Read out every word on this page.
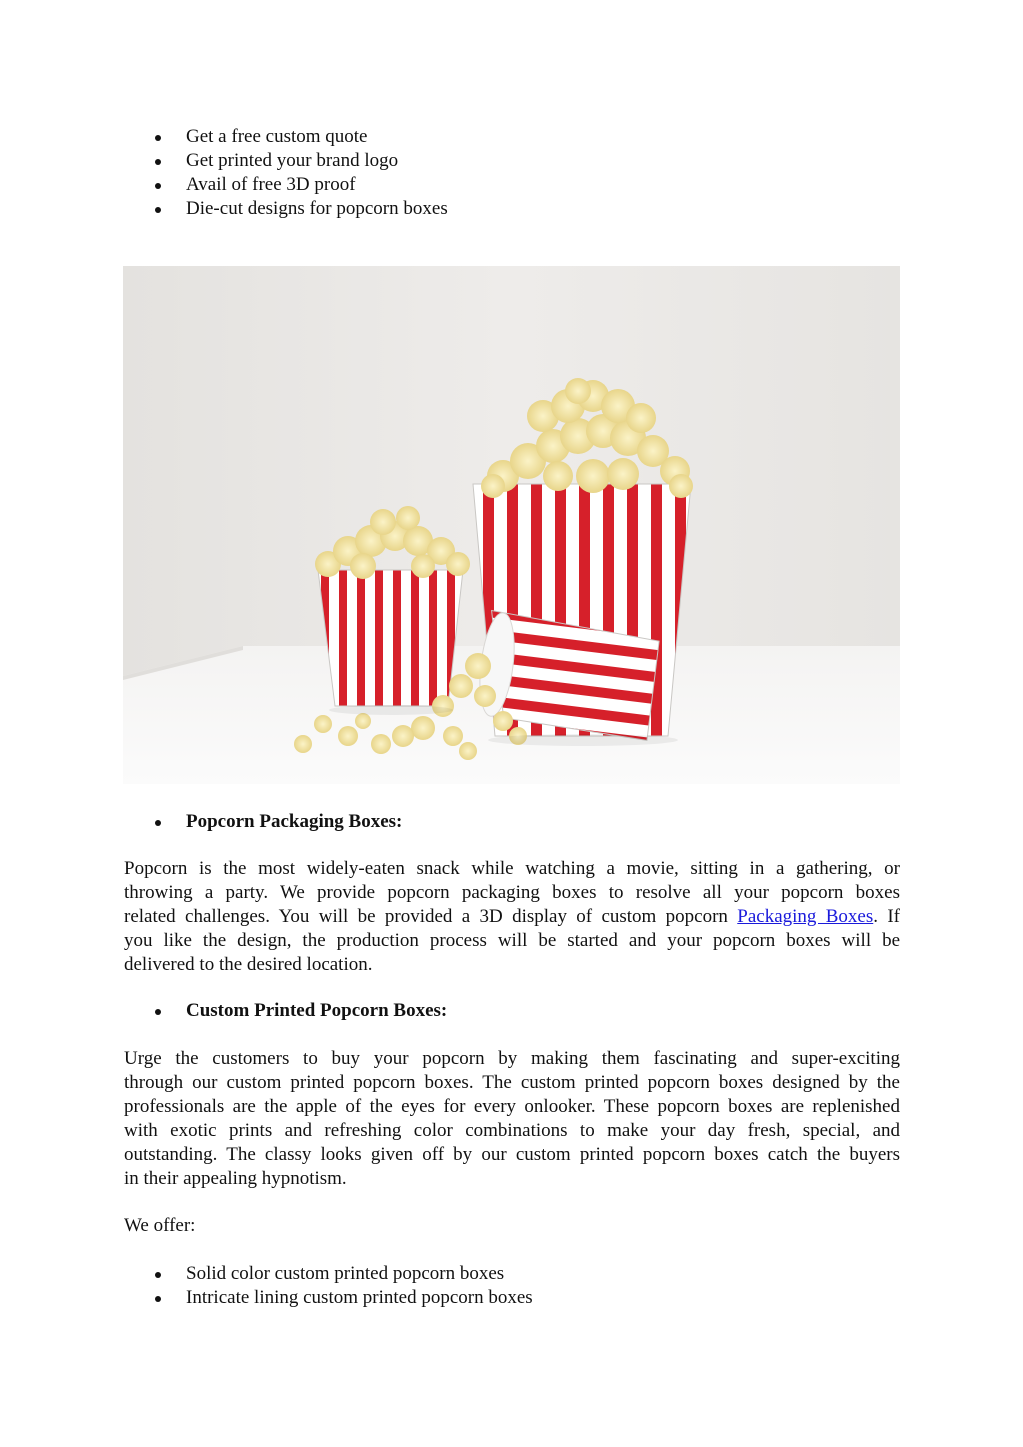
Get a free custom quote
Get printed your brand logo
Avail of free 3D proof
Die-cut designs for popcorn boxes
Popcorn Packaging Boxes:
Popcorn is the most widely-eaten snack while watching a movie, sitting in a gathering, or
throwing a party. We provide popcorn packaging boxes to resolve all your popcorn boxes
related challenges. You will be provided a 3D display of custom popcorn Packaging Boxes. If
you like the design, the production process will be started and your popcorn boxes will be
delivered to the desired location.
Custom Printed Popcorn Boxes:
Urge the customers to buy your popcorn by making them fascinating and super-exciting
through our custom printed popcorn boxes. The custom printed popcorn boxes designed by the
professionals are the apple of the eyes for every onlooker. These popcorn boxes are replenished
with exotic prints and refreshing color combinations to make your day fresh, special, and
outstanding. The classy looks given off by our custom printed popcorn boxes catch the buyers
in their appealing hypnotism.
We offer:
Solid color custom printed popcorn boxes
Intricate lining custom printed popcorn boxes
